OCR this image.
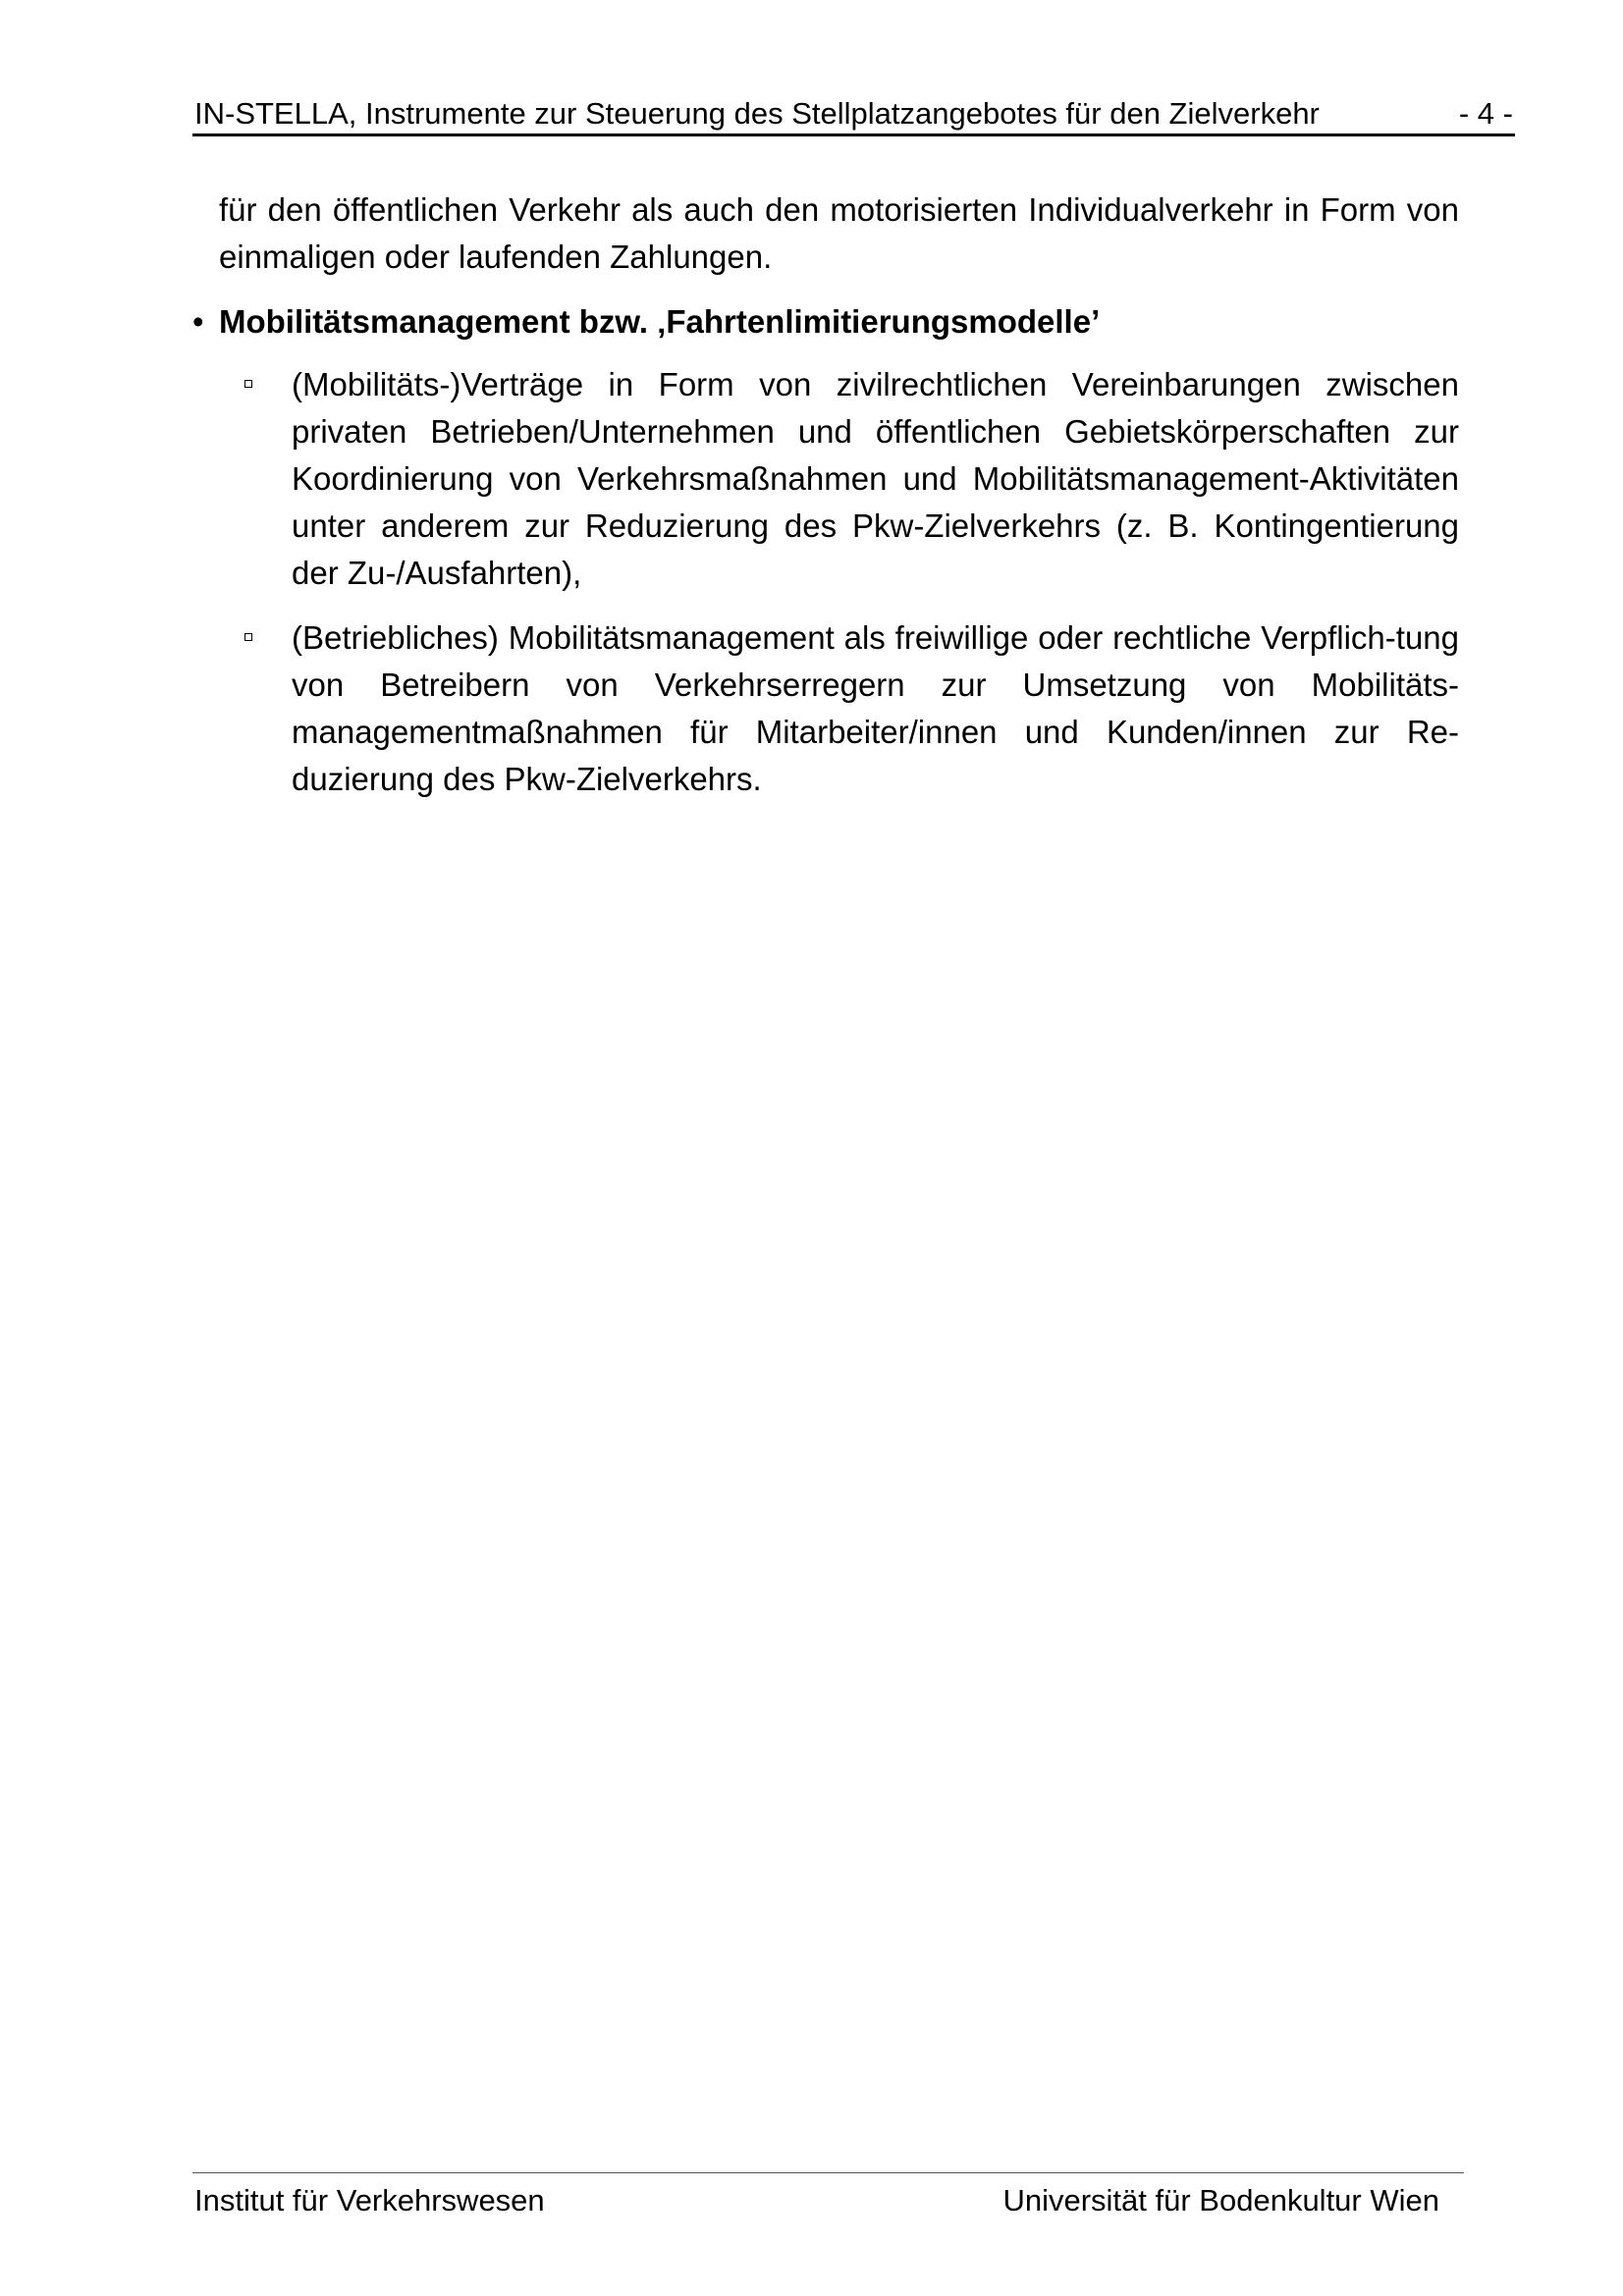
IN-STELLA, Instrumente zur Steuerung des Stellplatzangebotes für den Zielverkehr	- 4 -
für den öffentlichen Verkehr als auch den motorisierten Individualverkehr in Form von einmaligen oder laufenden Zahlungen.
• Mobilitätsmanagement bzw. ‚Fahrtenlimitierungsmodelle’
(Mobilitäts-)Verträge in Form von zivilrechtlichen Vereinbarungen zwischen privaten Betrieben/Unternehmen und öffentlichen Gebietskörperschaften zur Koordinierung von Verkehrsmaßnahmen und Mobilitätsmanagement-Aktivitäten unter anderem zur Reduzierung des Pkw-Zielverkehrs (z. B. Kontingentierung der Zu-/Ausfahrten),
(Betriebliches) Mobilitätsmanagement als freiwillige oder rechtliche Verpflich-tung von Betreibern von Verkehrserregern zur Umsetzung von Mobilitäts-managementmaßnahmen für Mitarbeiter/innen und Kunden/innen zur Re-duzierung des Pkw-Zielverkehrs.
Institut für Verkehrswesen	Universität für Bodenkultur Wien
